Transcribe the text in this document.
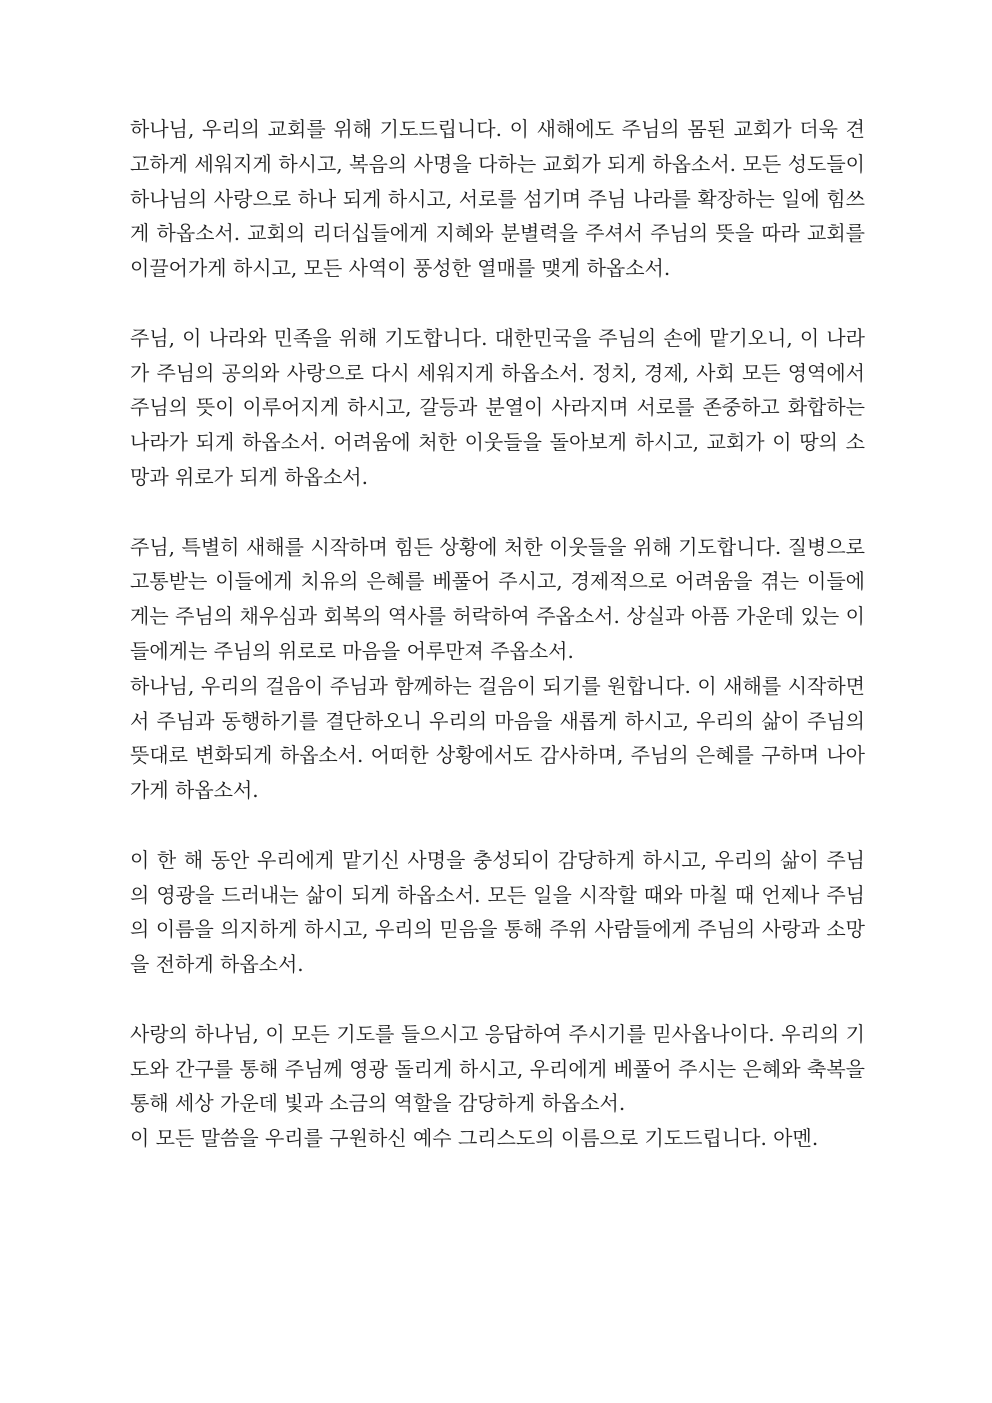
하나님, 우리의 교회를 위해 기도드립니다. 이 새해에도 주님의 몸된 교회가 더욱 견고하게 세워지게 하시고, 복음의 사명을 다하는 교회가 되게 하옵소서. 모든 성도들이 하나님의 사랑으로 하나 되게 하시고, 서로를 섬기며 주님 나라를 확장하는 일에 힘쓰게 하옵소서. 교회의 리더십들에게 지혜와 분별력을 주셔서 주님의 뜻을 따라 교회를 이끌어가게 하시고, 모든 사역이 풍성한 열매를 맺게 하옵소서.

주님, 이 나라와 민족을 위해 기도합니다. 대한민국을 주님의 손에 맡기오니, 이 나라가 주님의 공의와 사랑으로 다시 세워지게 하옵소서. 정치, 경제, 사회 모든 영역에서 주님의 뜻이 이루어지게 하시고, 갈등과 분열이 사라지며 서로를 존중하고 화합하는 나라가 되게 하옵소서. 어려움에 처한 이웃들을 돌아보게 하시고, 교회가 이 땅의 소망과 위로가 되게 하옵소서.

주님, 특별히 새해를 시작하며 힘든 상황에 처한 이웃들을 위해 기도합니다. 질병으로 고통받는 이들에게 치유의 은혜를 베풀어 주시고, 경제적으로 어려움을 겪는 이들에게는 주님의 채우심과 회복의 역사를 허락하여 주옵소서. 상실과 아픔 가운데 있는 이들에게는 주님의 위로로 마음을 어루만져 주옵소서.

하나님, 우리의 걸음이 주님과 함께하는 걸음이 되기를 원합니다. 이 새해를 시작하면서 주님과 동행하기를 결단하오니 우리의 마음을 새롭게 하시고, 우리의 삶이 주님의 뜻대로 변화되게 하옵소서. 어떠한 상황에서도 감사하며, 주님의 은혜를 구하며 나아가게 하옵소서.

이 한 해 동안 우리에게 맡기신 사명을 충성되이 감당하게 하시고, 우리의 삶이 주님의 영광을 드러내는 삶이 되게 하옵소서. 모든 일을 시작할 때와 마칠 때 언제나 주님의 이름을 의지하게 하시고, 우리의 믿음을 통해 주위 사람들에게 주님의 사랑과 소망을 전하게 하옵소서.

사랑의 하나님, 이 모든 기도를 들으시고 응답하여 주시기를 믿사옵나이다. 우리의 기도와 간구를 통해 주님께 영광 돌리게 하시고, 우리에게 베풀어 주시는 은혜와 축복을 통해 세상 가운데 빛과 소금의 역할을 감당하게 하옵소서.

이 모든 말씀을 우리를 구원하신 예수 그리스도의 이름으로 기도드립니다. 아멘.
